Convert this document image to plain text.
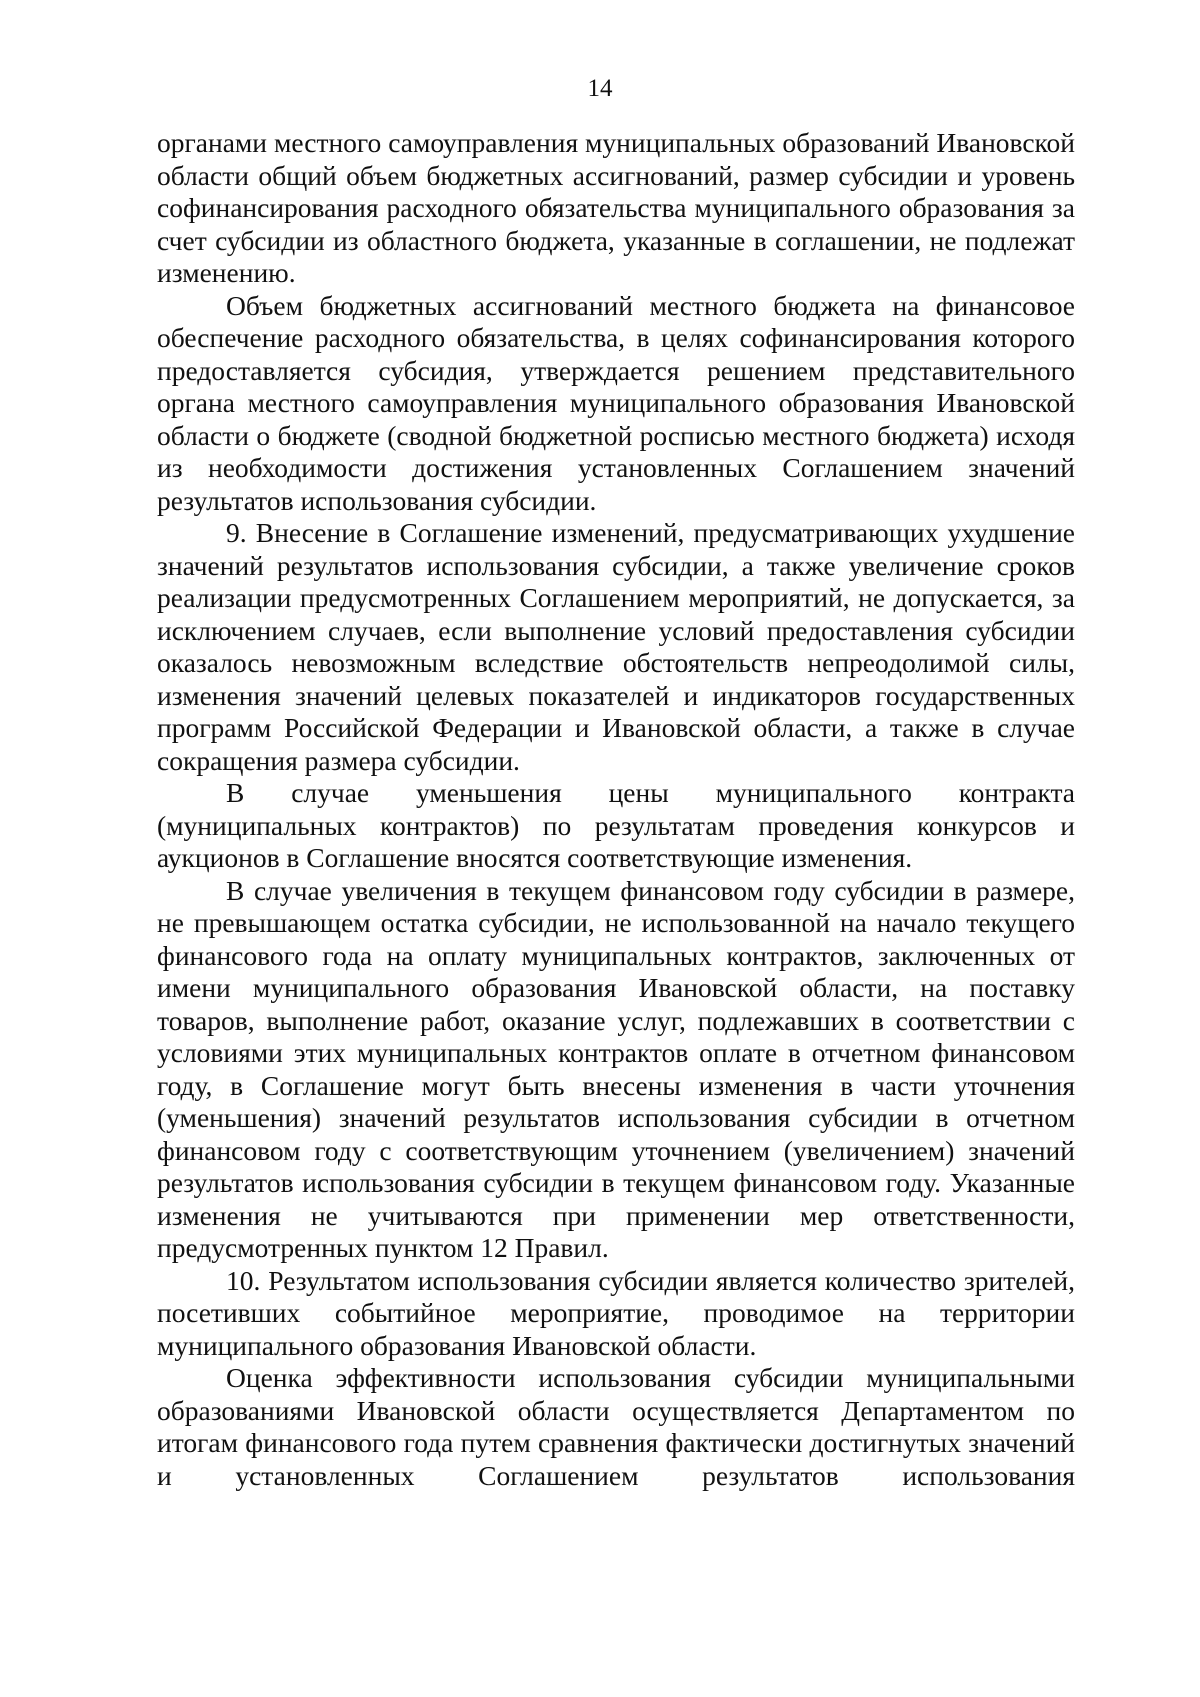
14

органами местного самоуправления муниципальных образований Ивановской области общий объем бюджетных ассигнований, размер субсидии и уровень софинансирования расходного обязательства муниципального образования за счет субсидии из областного бюджета, указанные в соглашении, не подлежат изменению.

Объем бюджетных ассигнований местного бюджета на финансовое обеспечение расходного обязательства, в целях софинансирования которого предоставляется субсидия, утверждается решением представительного органа местного самоуправления муниципального образования Ивановской области о бюджете (сводной бюджетной росписью местного бюджета) исходя из необходимости достижения установленных Соглашением значений результатов использования субсидии.

9. Внесение в Соглашение изменений, предусматривающих ухудшение значений результатов использования субсидии, а также увеличение сроков реализации предусмотренных Соглашением мероприятий, не допускается, за исключением случаев, если выполнение условий предоставления субсидии оказалось невозможным вследствие обстоятельств непреодолимой силы, изменения значений целевых показателей и индикаторов государственных программ Российской Федерации и Ивановской области, а также в случае сокращения размера субсидии.

В случае уменьшения цены муниципального контракта (муниципальных контрактов) по результатам проведения конкурсов и аукционов в Соглашение вносятся соответствующие изменения.

В случае увеличения в текущем финансовом году субсидии в размере, не превышающем остатка субсидии, не использованной на начало текущего финансового года на оплату муниципальных контрактов, заключенных от имени муниципального образования Ивановской области, на поставку товаров, выполнение работ, оказание услуг, подлежавших в соответствии с условиями этих муниципальных контрактов оплате в отчетном финансовом году, в Соглашение могут быть внесены изменения в части уточнения (уменьшения) значений результатов использования субсидии в отчетном финансовом году с соответствующим уточнением (увеличением) значений результатов использования субсидии в текущем финансовом году. Указанные изменения не учитываются при применении мер ответственности, предусмотренных пунктом 12 Правил.

10. Результатом использования субсидии является количество зрителей, посетивших событийное мероприятие, проводимое на территории муниципального образования Ивановской области.

Оценка эффективности использования субсидии муниципальными образованиями Ивановской области осуществляется Департаментом по итогам финансового года путем сравнения фактически достигнутых значений и установленных Соглашением результатов использования
